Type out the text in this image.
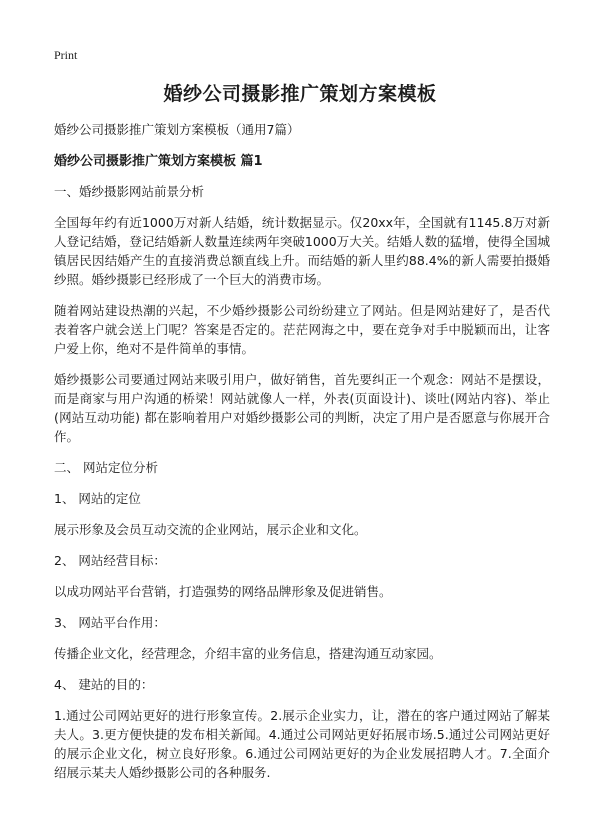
Print
婚纱公司摄影推广策划方案模板

婚纱公司摄影推广策划方案模板（通用7篇）

婚纱公司摄影推广策划方案模板 篇1

一、婚纱摄影网站前景分析

全国每年约有近1000万对新人结婚，统计数据显示。仅20xx年，全国就有1145.8万对新人登记结婚，登记结婚新人数量连续两年突破1000万大关。结婚人数的猛增，使得全国城镇居民因结婚产生的直接消费总额直线上升。而结婚的新人里约88.4%的新人需要拍摄婚纱照。婚纱摄影已经形成了一个巨大的消费市场。

随着网站建设热潮的兴起，不少婚纱摄影公司纷纷建立了网站。但是网站建好了，是否代表着客户就会送上门呢？答案是否定的。茫茫网海之中，要在竞争对手中脱颖而出，让客户爱上你，绝对不是件简单的事情。

婚纱摄影公司要通过网站来吸引用户，做好销售，首先要纠正一个观念：网站不是摆设，而是商家与用户沟通的桥梁！网站就像人一样，外表(页面设计)、谈吐(网站内容)、举止(网站互动功能) 都在影响着用户对婚纱摄影公司的判断，决定了用户是否愿意与你展开合作。

二、 网站定位分析

1、 网站的定位

展示形象及会员互动交流的企业网站，展示企业和文化。

2、 网站经营目标：

以成功网站平台营销，打造强势的网络品牌形象及促进销售。

3、 网站平台作用：

传播企业文化，经营理念，介绍丰富的业务信息，搭建沟通互动家园。

4、 建站的目的：

1.通过公司网站更好的进行形象宣传。2.展示企业实力，让，潜在的客户通过网站了解某夫人。3.更方便快捷的发布相关新闻。4.通过公司网站更好拓展市场.5.通过公司网站更好的展示企业文化，树立良好形象。6.通过公司网站更好的为企业发展招聘人才。7.全面介绍展示某夫人婚纱摄影公司的各种服务.
